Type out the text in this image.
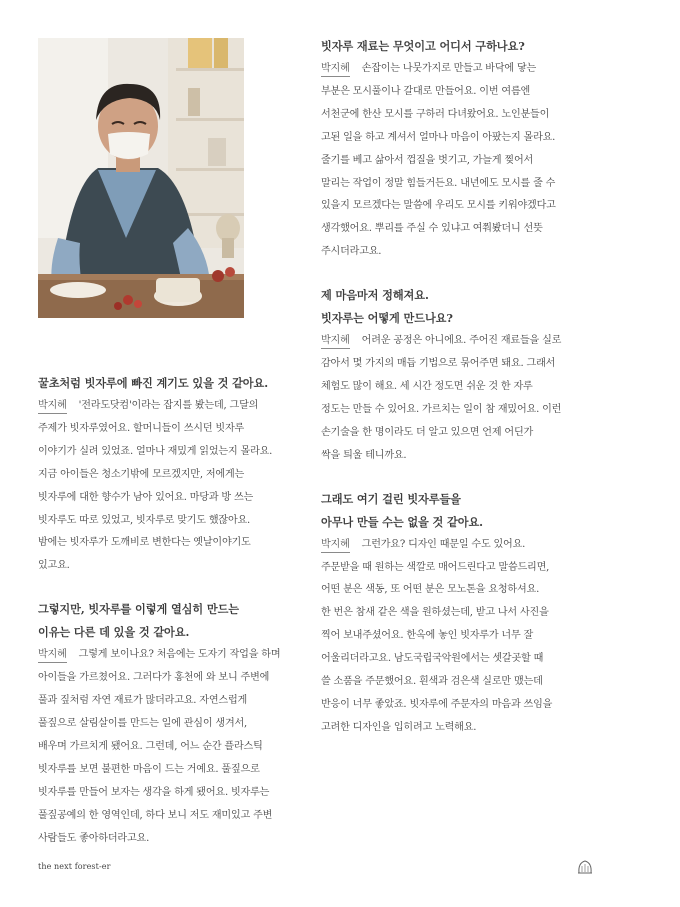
꿀초처럼 빗자루에 빠진 계기도 있을 것 같아요.
박지혜 '전라도닷컴'이라는 잡지를 봤는데, 그달의
주제가 빗자루였어요. 할머니들이 쓰시던 빗자루
이야기가 실려 있었죠. 얼마나 재밌게 읽었는지 몰라요.
지금 아이들은 청소기밖에 모르겠지만, 저에게는
빗자루에 대한 향수가 남아 있어요. 마당과 방 쓰는
빗자루도 따로 있었고, 빗자루로 맞기도 했잖아요.
밤에는 빗자루가 도깨비로 변한다는 옛날이야기도
있고요.
그렇지만, 빗자루를 이렇게 열심히 만드는
이유는 다른 데 있을 것 같아요.
박지혜 그렇게 보이나요? 처음에는 도자기 작업을 하며
아이들을 가르쳤어요. 그러다가 홍천에 와 보니 주변에
풀과 짚처럼 자연 재료가 많더라고요. 자연스럽게
풀짚으로 살림살이를 만드는 일에 관심이 생겨서,
배우며 가르치게 됐어요. 그런데, 어느 순간 플라스틱
빗자루를 보면 불편한 마음이 드는 거예요. 풀짚으로
빗자루를 만들어 보자는 생각을 하게 됐어요. 빗자루는
풀짚공예의 한 영역인데, 하다 보니 저도 재미있고 주변
사람들도 좋아하더라고요.
빗자루 재료는 무엇이고 어디서 구하나요?
박지혜 손잡이는 나뭇가지로 만들고 바닥에 닿는
부분은 모시풀이나 갈대로 만들어요. 이번 여름엔
서천군에 한산 모시를 구하러 다녀왔어요. 노인분들이
고된 일을 하고 계셔서 얼마나 마음이 아팠는지 몰라요.
줄기를 베고 삶아서 껍질을 벗기고, 가늘게 찢어서
말리는 작업이 정말 힘들거든요. 내년에도 모시를 줄 수
있을지 모르겠다는 말씀에 우리도 모시를 키워야겠다고
생각했어요. 뿌리를 주실 수 있냐고 여쭤봤더니 선뜻
주시더라고요.
제 마음마저 정해져요.
빗자루는 어떻게 만드나요?
박지혜 어려운 공정은 아니에요. 주어진 재료들을 실로
감아서 몇 가지의 매듭 기법으로 묶어주면 돼요. 그래서
체험도 많이 해요. 세 시간 정도면 쉬운 것 한 자루
정도는 만들 수 있어요. 가르치는 일이 참 재밌어요. 이런
손기술을 한 명이라도 더 알고 있으면 언제 어딘가
싹을 틔울 테니까요.
그래도 여기 걸린 빗자루들을
아무나 만들 수는 없을 것 같아요.
박지혜 그런가요? 디자인 때문일 수도 있어요.
주문받을 때 원하는 색깔로 매어드린다고 말씀드리면,
어떤 분은 색동, 또 어떤 분은 모노톤을 요청하셔요.
한 번은 참새 같은 색을 원하셨는데, 받고 나서 사진을
찍어 보내주셨어요. 한옥에 놓인 빗자루가 너무 잘
어울리더라고요. 남도국립국악원에서는 셋갈곳할 때
쓸 소품을 주문했어요. 흰색과 검은색 실로만 맸는데
반응이 너무 좋았죠. 빗자루에 주문자의 마음과 쓰임을
고려한 디자인을 입히려고 노력해요.
the next forest-er
